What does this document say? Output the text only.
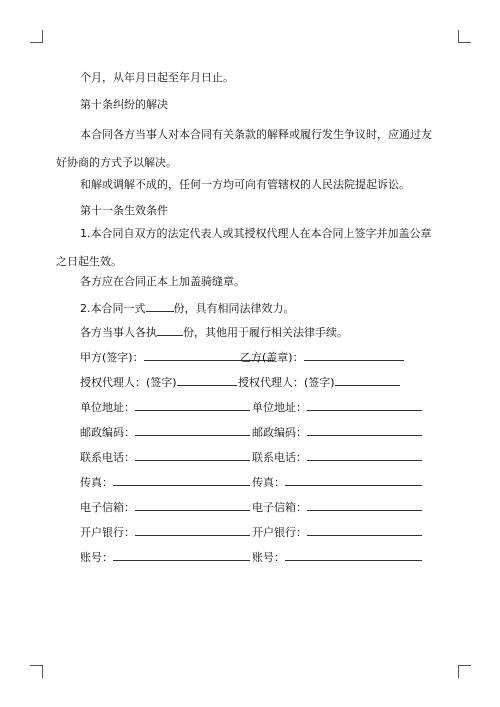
个月，从年月日起至年月日止。
第十条纠纷的解决
本合同各方当事人对本合同有关条款的解释或履行发生争议时，应通过友好协商的方式予以解决。
和解或调解不成的，任何一方均可向有管辖权的人民法院提起诉讼。
第十一条生效条件
1.本合同自双方的法定代表人或其授权代理人在本合同上签字并加盖公章之日起生效。
各方应在合同正本上加盖骑缝章。
2.本合同一式	份，具有相同法律效力。
各方当事人各执 份，其他用于履行相关法律手续。
甲方(签字)：	乙方(盖章)：
授权代理人：(签字)	授权代理人：(签字)
单位地址：	单位地址：
邮政编码：	邮政编码：
联系电话：	联系电话：
传真：	传真：
电子信箱：	电子信箱：
开户银行：	开户银行：
账号：	账号：
